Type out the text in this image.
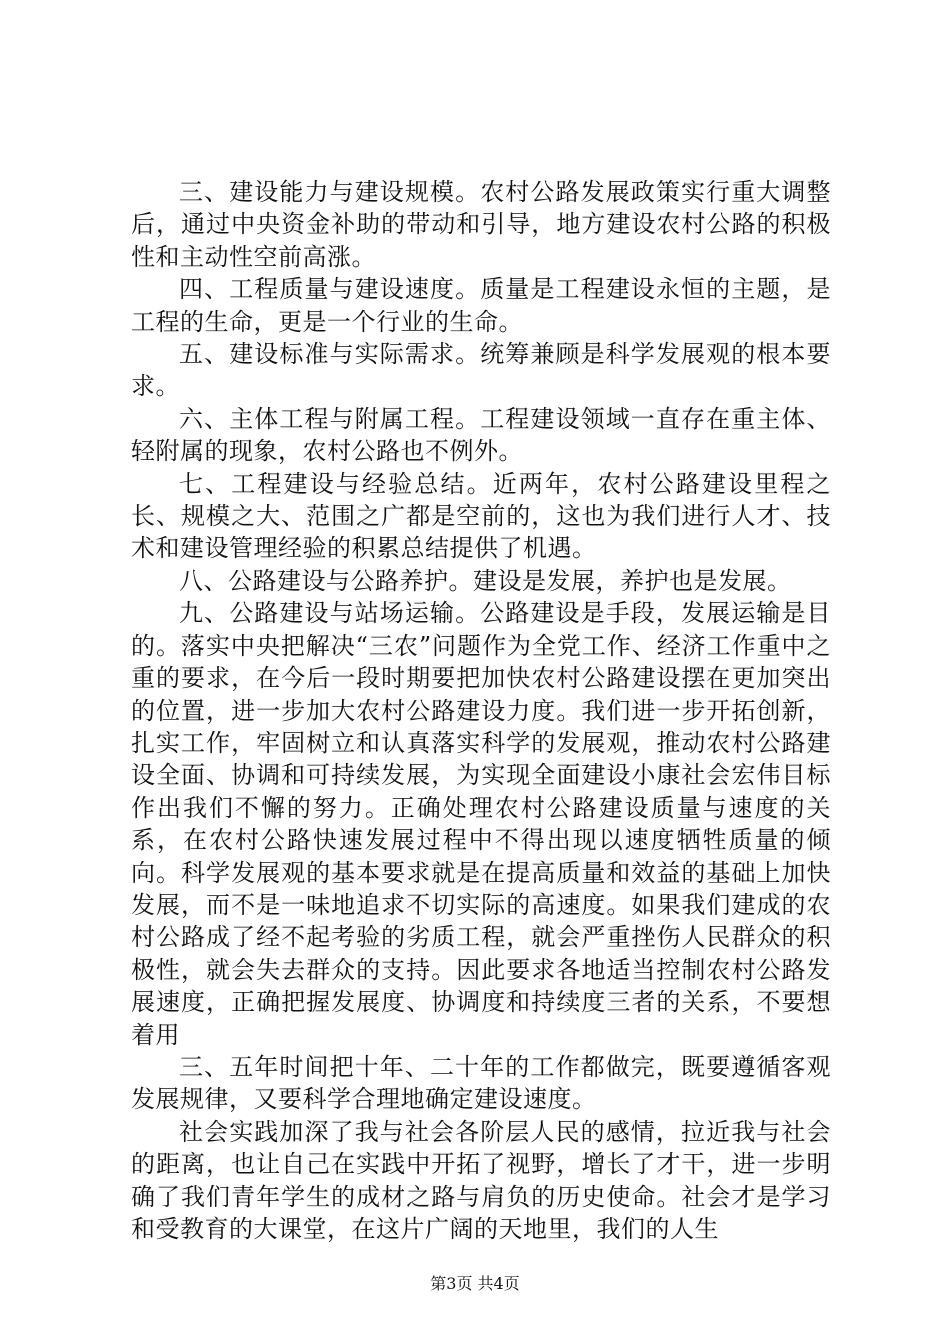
三、建设能力与建设规模。农村公路发展政策实行重大调整后，通过中央资金补助的带动和引导，地方建设农村公路的积极性和主动性空前高涨。

四、工程质量与建设速度。质量是工程建设永恒的主题，是工程的生命，更是一个行业的生命。

五、建设标准与实际需求。统筹兼顾是科学发展观的根本要求。

六、主体工程与附属工程。工程建设领域一直存在重主体、轻附属的现象，农村公路也不例外。

七、工程建设与经验总结。近两年，农村公路建设里程之长、规模之大、范围之广都是空前的，这也为我们进行人才、技术和建设管理经验的积累总结提供了机遇。

八、公路建设与公路养护。建设是发展，养护也是发展。

九、公路建设与站场运输。公路建设是手段，发展运输是目的。落实中央把解决“三农”问题作为全党工作、经济工作重中之重的要求，在今后一段时期要把加快农村公路建设摆在更加突出的位置，进一步加大农村公路建设力度。我们进一步开拓创新，扎实工作，牢固树立和认真落实科学的发展观，推动农村公路建设全面、协调和可持续发展，为实现全面建设小康社会宏伟目标作出我们不懈的努力。正确处理农村公路建设质量与速度的关系，在农村公路快速发展过程中不得出现以速度牺牲质量的倾向。科学发展观的基本要求就是在提高质量和效益的基础上加快发展，而不是一味地追求不切实际的高速度。如果我们建成的农村公路成了经不起考验的劣质工程，就会严重挫伤人民群众的积极性，就会失去群众的支持。因此要求各地适当控制农村公路发展速度，正确把握发展度、协调度和持续度三者的关系，不要想着用

三、五年时间把十年、二十年的工作都做完，既要遵循客观发展规律，又要科学合理地确定建设速度。

社会实践加深了我与社会各阶层人民的感情，拉近我与社会的距离，也让自己在实践中开拓了视野，增长了才干，进一步明确了我们青年学生的成材之路与肩负的历史使命。社会才是学习和受教育的大课堂，在这片广阔的天地里，我们的人生

第3页 共4页
